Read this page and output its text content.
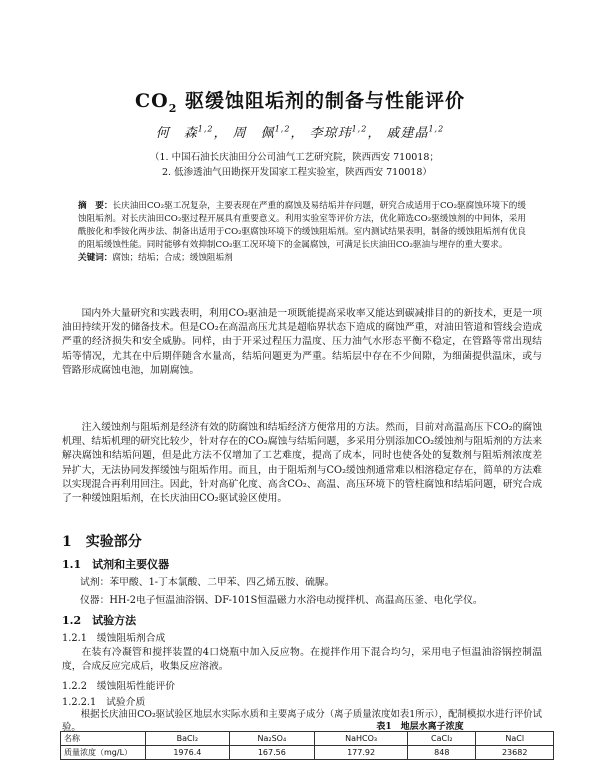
$CO_2$ 驱缓蚀阻垢剂的制备与性能评价
何　森$^{1,2}$， 周　佩$^{1,2}$， 李琼玮$^{1,2}$， 戚建晶$^{1,2}$
（1. 中国石油长庆油田分公司油气工艺研究院，陕西西安 710018；
2. 低渗透油气田勘探开发国家工程实验室，陕西西安 710018）
摘　要：长庆油田CO₂驱工况复杂，主要表现在严重的腐蚀及易结垢并存问题，研究合成适用于CO₂驱腐蚀环境下的缓蚀阻垢剂。对长庆油田CO₂驱过程开展具有重要意义。利用实验室等评价方法，优化筛选CO₂驱缓蚀剂的中间体，采用酰胺化和季铵化两步法、制备出适用于CO₂驱腐蚀环境下的缓蚀阻垢剂。室内测试结果表明，制备的缓蚀阻垢剂有优良的阻垢缓蚀性能。同时能够有效抑制CO₂驱工况环境下的金属腐蚀，可满足长庆油田CO₂驱油与埋存的重大要求。
关键词：腐蚀；结垢；合成；缓蚀阻垢剂
国内外大量研究和实践表明，利用CO₂驱油是一项既能提高采收率又能达到碳减排目的的新技术，更是一项油田持续开发的储备技术。但是CO₂在高温高压尤其是超临界状态下造成的腐蚀严重，对油田管道和管线会造成严重的经济损失和安全威胁。同样，由于开采过程压力温度、压力油气水形态平衡不稳定，在管路等常出现结垢等情况，尤其在中后期伴随含水量高，结垢问题更为严重。结垢层中存在不少间隙，为细菌提供温床，或与管路形成腐蚀电池，加剧腐蚀。
注入缓蚀剂与阻垢剂是经济有效的防腐蚀和结垢经济方便常用的方法。然而，目前对高温高压下CO₂的腐蚀机理、结垢机理的研究比较少，针对存在的CO₂腐蚀与结垢问题，多采用分别添加CO₂缓蚀剂与阻垢剂的方法来解决腐蚀和结垢问题，但是此方法不仅增加了工艺难度，提高了成本，同时也使各处的复数剂与阻垢剂浓度差异扩大，无法协同发挥缓蚀与阻垢作用。而且，由于阻垢剂与CO₂缓蚀剂通常难以相溶稳定存在，简单的方法难以实现混合再利用回注。因此，针对高矿化度、高含CO₂、高温、高压环境下的管柱腐蚀和结垢问题，研究合成了一种缓蚀阻垢剂，在长庆油田CO₂驱试验区使用。
1　 实验部分
1.1　 试剂和主要仪器
试剂：苯甲酸、1-丁本氯酸、二甲苯、四乙烯五胺、硫脲。
仪器：HH-2电子恒温油浴锅、DF-101S恒温磁力水浴电动搅拌机、高温高压釜、电化学仪。
1.2　 试验方法
1.2.1　 缓蚀阻垢剂合成
在装有冷凝管和搅拌装置的4口烧瓶中加入反应物。在搅拌作用下混合均匀，采用电子恒温油浴锅控制温度，合成反应完成后，收集反应溶液。
1.2.2　 缓蚀阻垢性能评价
1.2.2.1　 试验介质
根据长庆油田CO₂驱试验区地层水实际水质和主要离子成分（离子质量浓度如表1所示），配制模拟水进行评价试验。	表1　地层水离子浓度
名称	BaCl₂	Na₂SO₄	NaHCO₃	CaCl₂	NaCl
质量浓度（mg/L）	1976.4	167.56	177.92	848	23682
